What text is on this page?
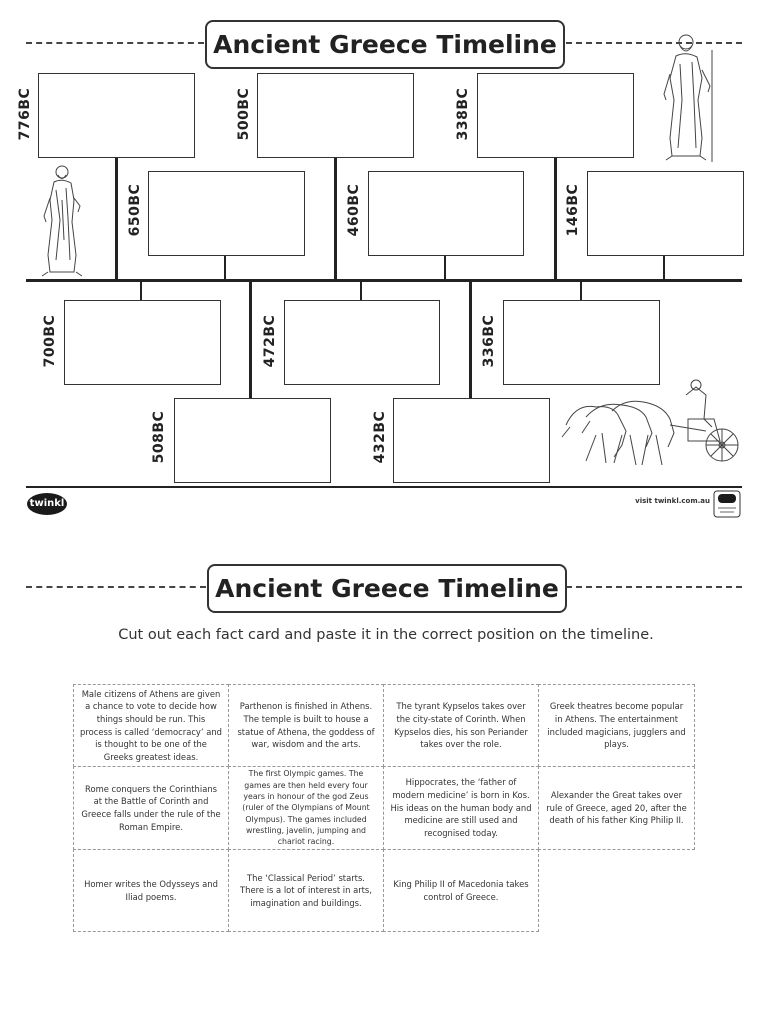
Ancient Greece Timeline
776BC	500BC	338BC
650BC	460BC	146BC
700BC	472BC	336BC
508BC	432BC
twinkl	visit twinkl.com.au
Ancient Greece Timeline
Cut out each fact card and paste it in the correct position on the timeline.
Male citizens of Athens are given a chance to vote to decide how things should be run. This process is called ‘democracy’ and is thought to be one of the Greeks greatest ideas.
Parthenon is finished in Athens. The temple is built to house a statue of Athena, the goddess of war, wisdom and the arts.
The tyrant Kypselos takes over the city-state of Corinth. When Kypselos dies, his son Periander takes over the role.
Greek theatres become popular in Athens. The entertainment included magicians, jugglers and plays.
Rome conquers the Corinthians at the Battle of Corinth and Greece falls under the rule of the Roman Empire.
The first Olympic games. The games are then held every four years in honour of the god Zeus (ruler of the Olympians of Mount Olympus). The games included wrestling, javelin, jumping and chariot racing.
Hippocrates, the ‘father of modern medicine’ is born in Kos. His ideas on the human body and medicine are still used and recognised today.
Alexander the Great takes over rule of Greece, aged 20, after the death of his father King Philip II.
Homer writes the Odysseys and Iliad poems.
The ‘Classical Period’ starts. There is a lot of interest in arts, imagination and buildings.
King Philip II of Macedonia takes control of Greece.
